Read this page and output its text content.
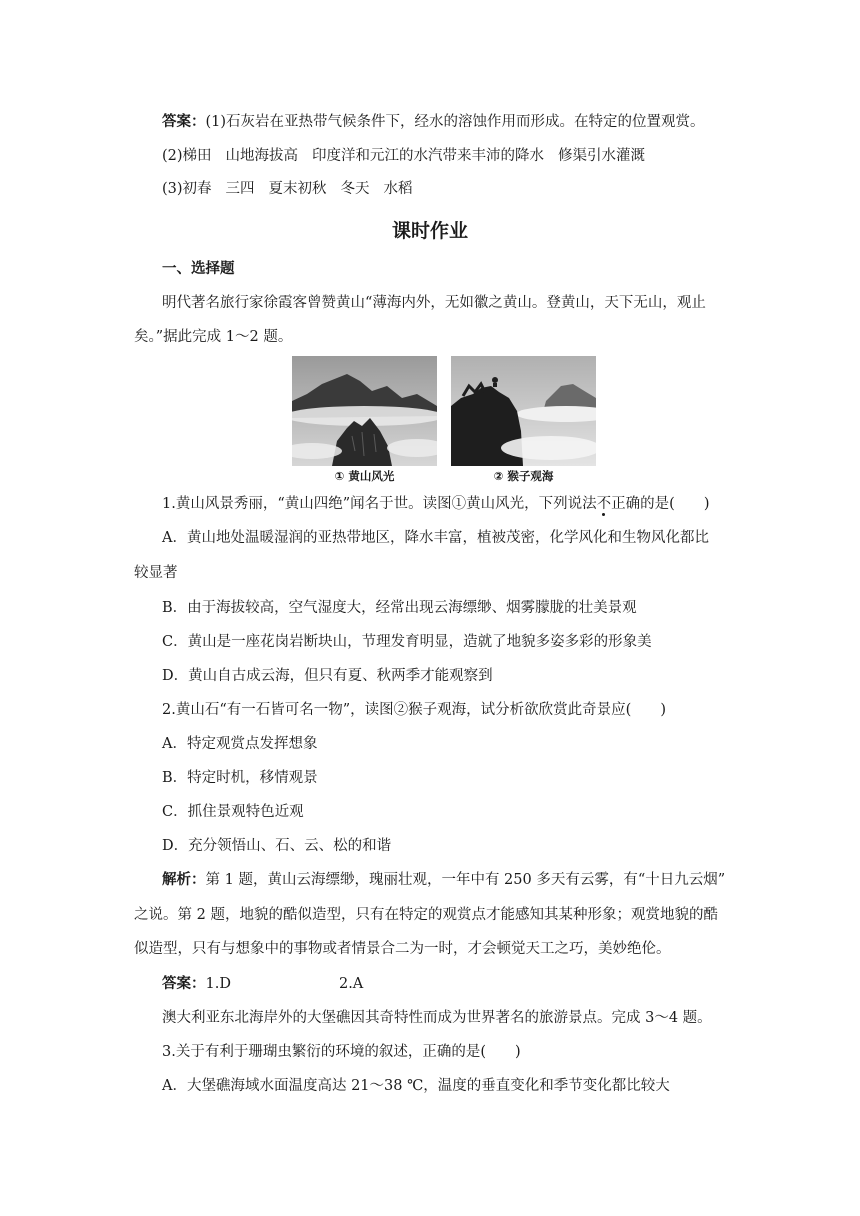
答案：(1)石灰岩在亚热带气候条件下，经水的溶蚀作用而形成。在特定的位置观赏。
(2)梯田 山地海拔高 印度洋和元江的水汽带来丰沛的降水 修渠引水灌溉
(3)初春 三四 夏末初秋 冬天 水稻
课时作业
一、选择题
明代著名旅行家徐霞客曾赞黄山“薄海内外，无如徽之黄山。登黄山，天下无山，观止
矣。”据此完成 1～2 题。
① 黄山风光	② 猴子观海
1.黄山风景秀丽，“黄山四绝”闻名于世。读图①黄山风光，下列说法不正确的是(　　)
A．黄山地处温暖湿润的亚热带地区，降水丰富，植被茂密，化学风化和生物风化都比
较显著
B．由于海拔较高，空气湿度大，经常出现云海缥缈、烟雾朦胧的壮美景观
C．黄山是一座花岗岩断块山，节理发育明显，造就了地貌多姿多彩的形象美
D．黄山自古成云海，但只有夏、秋两季才能观察到
2.黄山石“有一石皆可名一物”，读图②猴子观海，试分析欲欣赏此奇景应(　　)
A．特定观赏点发挥想象
B．特定时机，移情观景
C．抓住景观特色近观
D．充分领悟山、石、云、松的和谐
解析：第 1 题，黄山云海缥缈，瑰丽壮观，一年中有 250 多天有云雾，有“十日九云烟”
之说。第 2 题，地貌的酷似造型，只有在特定的观赏点才能感知其某种形象；观赏地貌的酷
似造型，只有与想象中的事物或者情景合二为一时，才会顿觉天工之巧，美妙绝伦。
答案：1.D	2.A
澳大利亚东北海岸外的大堡礁因其奇特性而成为世界著名的旅游景点。完成 3～4 题。
3.关于有利于珊瑚虫繁衍的环境的叙述，正确的是(　　)
A．大堡礁海域水面温度高达 21～38 ℃，温度的垂直变化和季节变化都比较大
